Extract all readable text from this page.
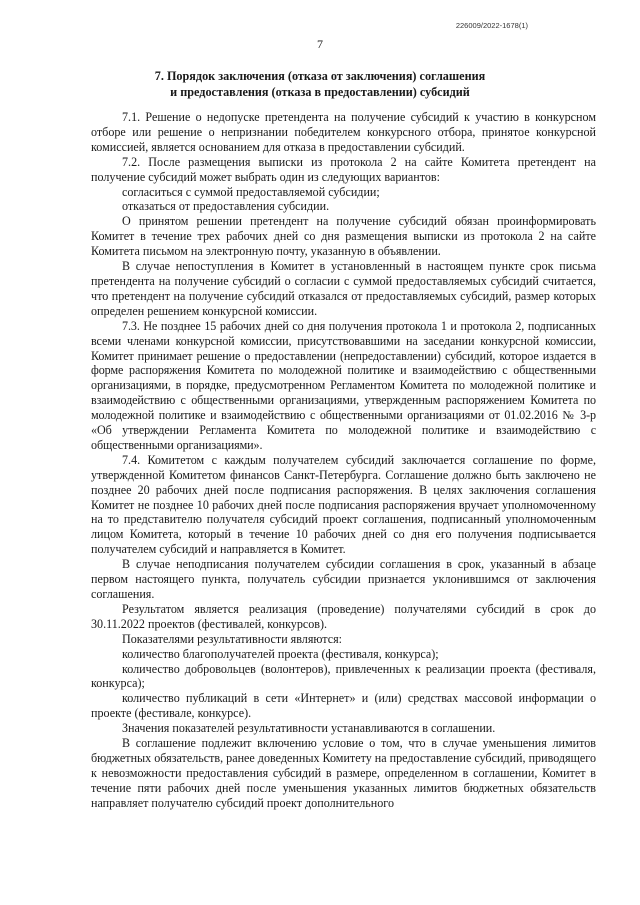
226009/2022-1678(1)
7
7. Порядок заключения (отказа от заключения) соглашения
и предоставления (отказа в предоставлении) субсидий

7.1. Решение о недопуске претендента на получение субсидий к участию в конкурсном отборе или решение о непризнании победителем конкурсного отбора, принятое конкурсной комиссией, является основанием для отказа в предоставлении субсидий.

7.2. После размещения выписки из протокола 2 на сайте Комитета претендент на получение субсидий может выбрать один из следующих вариантов:

согласиться с суммой предоставляемой субсидии;

отказаться от предоставления субсидии.

О принятом решении претендент на получение субсидий обязан проинформировать Комитет в течение трех рабочих дней со дня размещения выписки из протокола 2 на сайте Комитета письмом на электронную почту, указанную в объявлении.

В случае непоступления в Комитет в установленный в настоящем пункте срок письма претендента на получение субсидий о согласии с суммой предоставляемых субсидий считается, что претендент на получение субсидий отказался от предоставляемых субсидий, размер которых определен решением конкурсной комиссии.

7.3. Не позднее 15 рабочих дней со дня получения протокола 1 и протокола 2, подписанных всеми членами конкурсной комиссии, присутствовавшими на заседании конкурсной комиссии, Комитет принимает решение о предоставлении (непредоставлении) субсидий, которое издается в форме распоряжения Комитета по молодежной политике и взаимодействию с общественными организациями, в порядке, предусмотренном Регламентом Комитета по молодежной политике и взаимодействию с общественными организациями, утвержденным распоряжением Комитета по молодежной политике и взаимодействию с общественными организациями от 01.02.2016 № 3-р «Об утверждении Регламента Комитета по молодежной политике и взаимодействию с общественными организациями».

7.4. Комитетом с каждым получателем субсидий заключается соглашение по форме, утвержденной Комитетом финансов Санкт-Петербурга. Соглашение должно быть заключено не позднее 20 рабочих дней после подписания распоряжения. В целях заключения соглашения Комитет не позднее 10 рабочих дней после подписания распоряжения вручает уполномоченному на то представителю получателя субсидий проект соглашения, подписанный уполномоченным лицом Комитета, который в течение 10 рабочих дней со дня его получения подписывается получателем субсидий и направляется в Комитет.

В случае неподписания получателем субсидии соглашения в срок, указанный в абзаце первом настоящего пункта, получатель субсидии признается уклонившимся от заключения соглашения.

Результатом является реализация (проведение) получателями субсидий в срок до 30.11.2022 проектов (фестивалей, конкурсов).

Показателями результативности являются:

количество благополучателей проекта (фестиваля, конкурса);

количество добровольцев (волонтеров), привлеченных к реализации проекта (фестиваля, конкурса);

количество публикаций в сети «Интернет» и (или) средствах массовой информации о проекте (фестивале, конкурсе).

Значения показателей результативности устанавливаются в соглашении.

В соглашение подлежит включению условие о том, что в случае уменьшения лимитов бюджетных обязательств, ранее доведенных Комитету на предоставление субсидий, приводящего к невозможности предоставления субсидий в размере, определенном в соглашении, Комитет в течение пяти рабочих дней после уменьшения указанных лимитов бюджетных обязательств направляет получателю субсидий проект дополнительного
